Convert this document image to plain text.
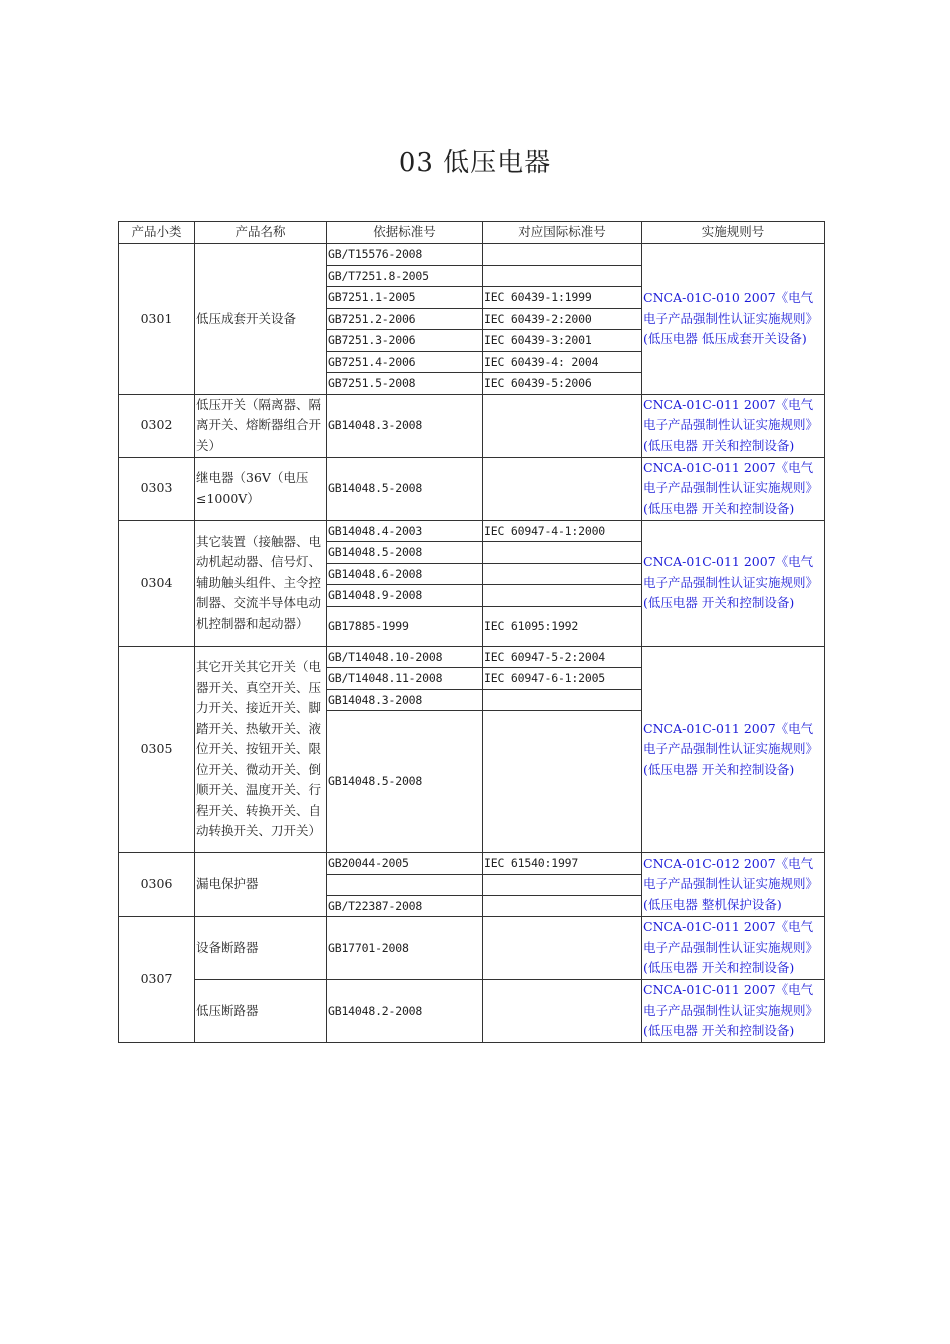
03 低压电器
产品小类	产品名称	依据标准号	对应国际标准号	实施规则号
0301	低压成套开关设备	GB/T15576-2008		CNCA-01C-010 2007《电气电子产品强制性认证实施规则》(低压电器 低压成套开关设备)
		GB/T7251.8-2005		
		GB7251.1-2005	IEC 60439-1:1999	
		GB7251.2-2006	IEC 60439-2:2000	
		GB7251.3-2006	IEC 60439-3:2001	
		GB7251.4-2006	IEC 60439-4: 2004	
		GB7251.5-2008	IEC 60439-5:2006	
0302	低压开关（隔离器、隔离开关、熔断器组合开关）	GB14048.3-2008		CNCA-01C-011 2007《电气电子产品强制性认证实施规则》(低压电器 开关和控制设备)
0303	继电器（36V（电压≤1000V）	GB14048.5-2008		CNCA-01C-011 2007《电气电子产品强制性认证实施规则》(低压电器 开关和控制设备)
0304	其它装置（接触器、电动机起动器、信号灯、辅助触头组件、主令控制器、交流半导体电动机控制器和起动器）	GB14048.4-2003	IEC 60947-4-1:2000	CNCA-01C-011 2007《电气电子产品强制性认证实施规则》(低压电器 开关和控制设备)
		GB14048.5-2008		
		GB14048.6-2008		
		GB14048.9-2008		
		GB17885-1999	IEC 61095:1992	
0305	其它开关其它开关（电器开关、真空开关、压力开关、接近开关、脚踏开关、热敏开关、液位开关、按钮开关、限位开关、微动开关、倒顺开关、温度开关、行程开关、转换开关、自动转换开关、刀开关）	GB/T14048.10-2008	IEC 60947-5-2:2004	CNCA-01C-011 2007《电气电子产品强制性认证实施规则》(低压电器 开关和控制设备)
		GB/T14048.11-2008	IEC 60947-6-1:2005	
		GB14048.3-2008		
		GB14048.5-2008		
0306	漏电保护器	GB20044-2005	IEC 61540:1997	CNCA-01C-012 2007《电气电子产品强制性认证实施规则》(低压电器 整机保护设备)

		GB/T22387-2008		
0307	设备断路器	GB17701-2008		CNCA-01C-011 2007《电气电子产品强制性认证实施规则》(低压电器 开关和控制设备)
	低压断路器	GB14048.2-2008		CNCA-01C-011 2007《电气电子产品强制性认证实施规则》(低压电器 开关和控制设备)
